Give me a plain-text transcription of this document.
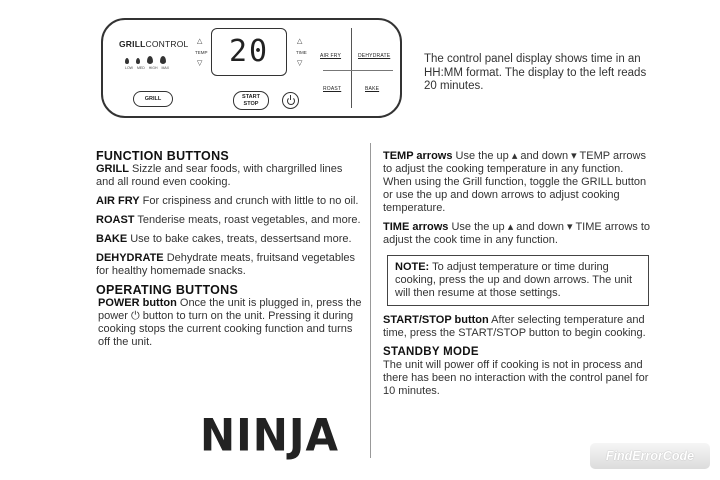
GRILLCONTROL
LOW MED HIGH MAX
GRILL
△
TEMP
▽ 20	△
TIME
▽
START
STOP
AIR FRY	DEHYDRATE
ROAST	BAKE
The control panel display shows time in an HH:MM format. The display to the left reads 20 minutes.
FUNCTION BUTTONS

GRILL Sizzle and sear foods, with chargrilled lines and all round even cooking.

AIR FRY For crispiness and crunch with little to no oil.

ROAST Tenderise meats, roast vegetables, and more.

BAKE Use to bake cakes, treats, dessertsand more.

DEHYDRATE Dehydrate meats, fruitsand vegetables for healthy homemade snacks.

OPERATING BUTTONS

POWER button Once the unit is plugged in, press the power ⏻ button to turn on the unit. Pressing it during cooking stops the current cooking function and turns off the unit.

TEMP arrows Use the up ▴ and down ▾ TEMP arrows to adjust the cooking temperature in any function. When using the Grill function, toggle the GRILL button or use the up and down arrows to adjust cooking temperature.

TIME arrows Use the up ▴ and down ▾ TIME arrows to adjust the cook time in any function.

NOTE: To adjust temperature or time during cooking, press the up and down arrows. The unit will then resume at those settings.

START/STOP button After selecting temperature and time, press the START/STOP button to begin cooking.

STANDBY MODE

The unit will power off if cooking is not in process and there has been no interaction with the control panel for 10 minutes.

NINJA	FindErrorCode
